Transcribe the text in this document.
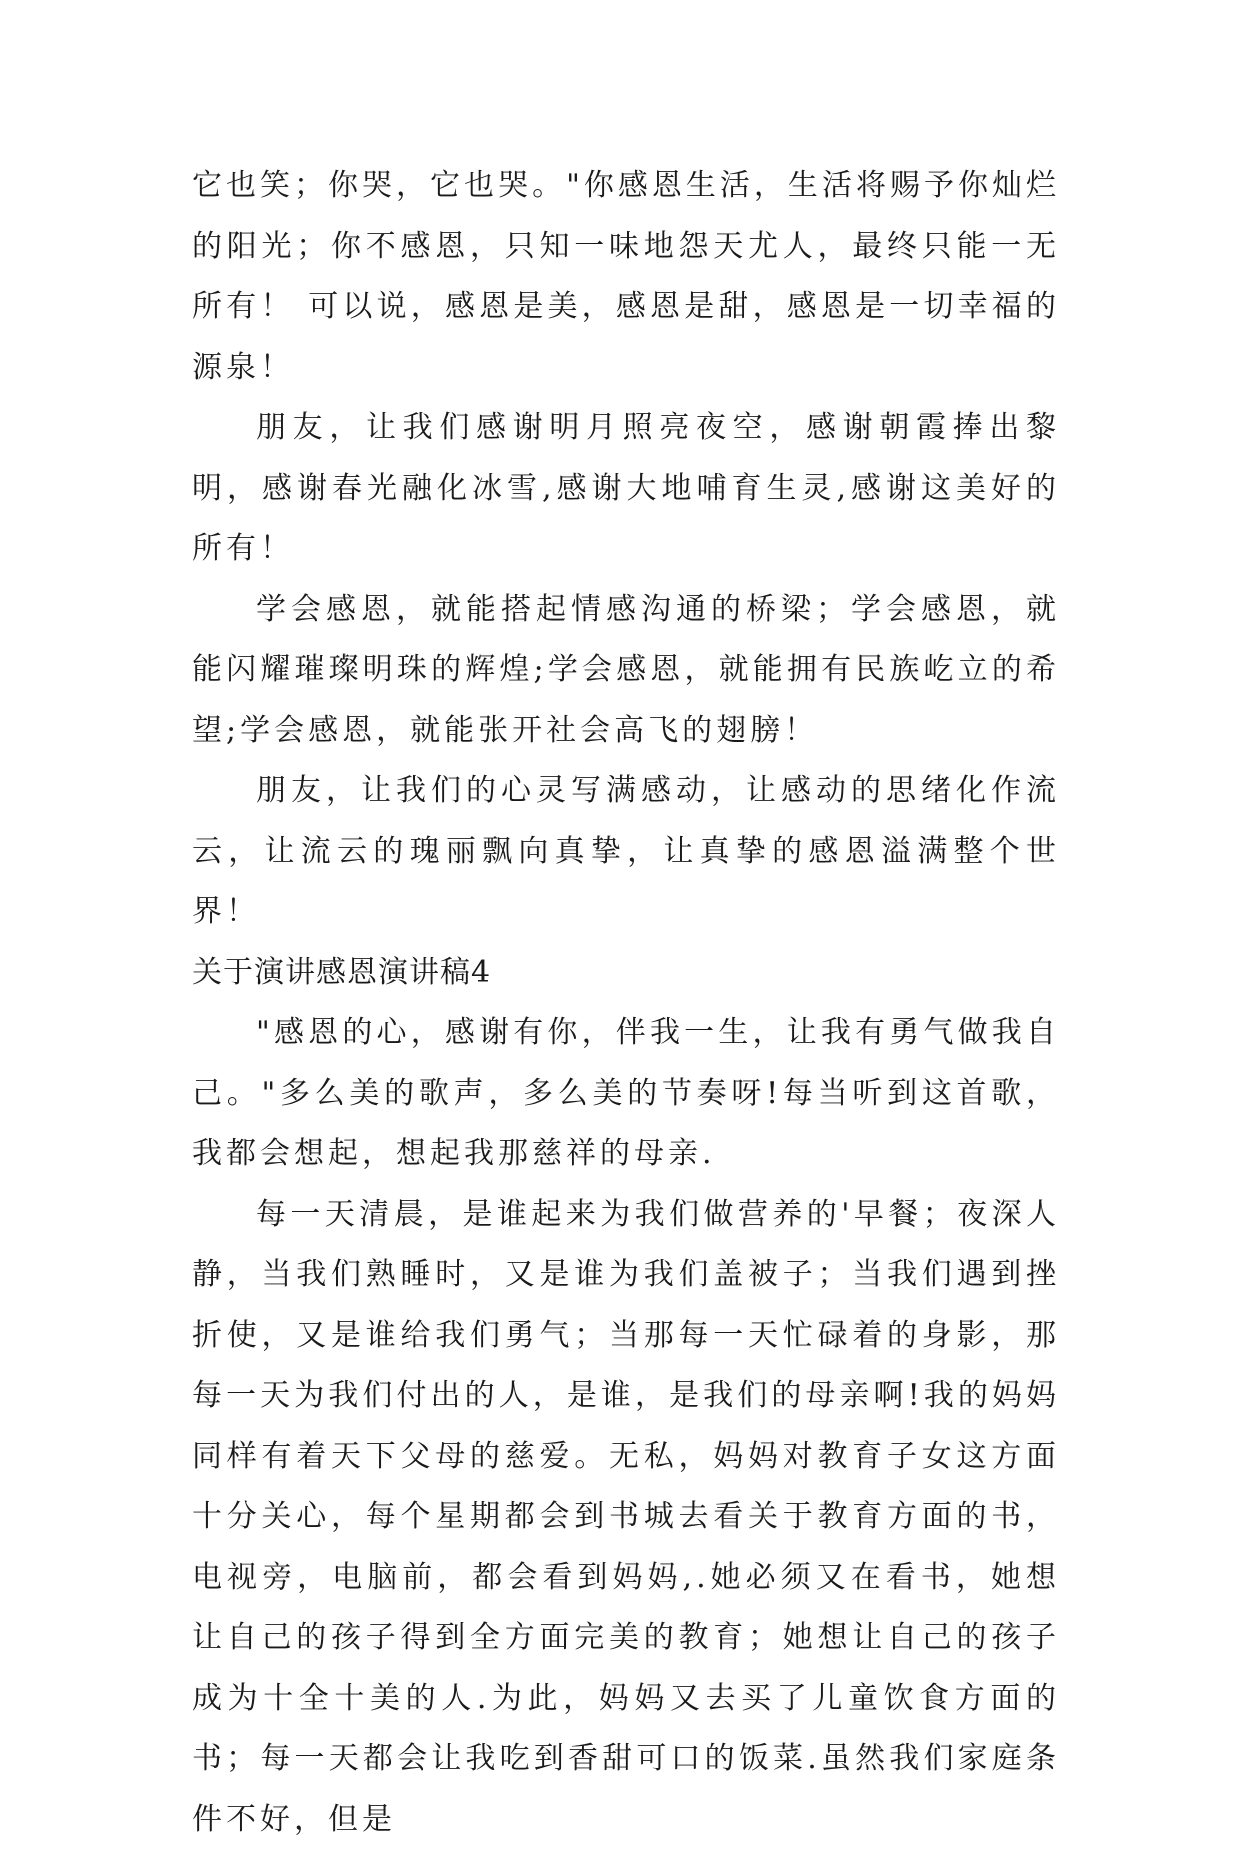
它也笑；你哭，它也哭。"你感恩生活，生活将赐予你灿烂的阳光；你不感恩，只知一味地怨天尤人，最终只能一无所有！ 可以说，感恩是美，感恩是甜，感恩是一切幸福的源泉！

朋友，让我们感谢明月照亮夜空，感谢朝霞捧出黎明，感谢春光融化冰雪,感谢大地哺育生灵,感谢这美好的所有！

学会感恩，就能搭起情感沟通的桥梁；学会感恩，就能闪耀璀璨明珠的辉煌;学会感恩，就能拥有民族屹立的希望;学会感恩，就能张开社会高飞的翅膀！

朋友，让我们的心灵写满感动，让感动的思绪化作流云，让流云的瑰丽飘向真挚，让真挚的感恩溢满整个世界！

关于演讲感恩演讲稿4

"感恩的心，感谢有你，伴我一生，让我有勇气做我自己。"多么美的歌声，多么美的节奏呀!每当听到这首歌，我都会想起，想起我那慈祥的母亲.

每一天清晨，是谁起来为我们做营养的'早餐；夜深人静，当我们熟睡时，又是谁为我们盖被子；当我们遇到挫折使，又是谁给我们勇气；当那每一天忙碌着的身影，那每一天为我们付出的人，是谁，是我们的母亲啊!我的妈妈同样有着天下父母的慈爱。无私，妈妈对教育子女这方面十分关心，每个星期都会到书城去看关于教育方面的书，电视旁，电脑前，都会看到妈妈,.她必须又在看书，她想让自己的孩子得到全方面完美的教育；她想让自己的孩子成为十全十美的人.为此，妈妈又去买了儿童饮食方面的书；每一天都会让我吃到香甜可口的饭菜.虽然我们家庭条件不好，但是
